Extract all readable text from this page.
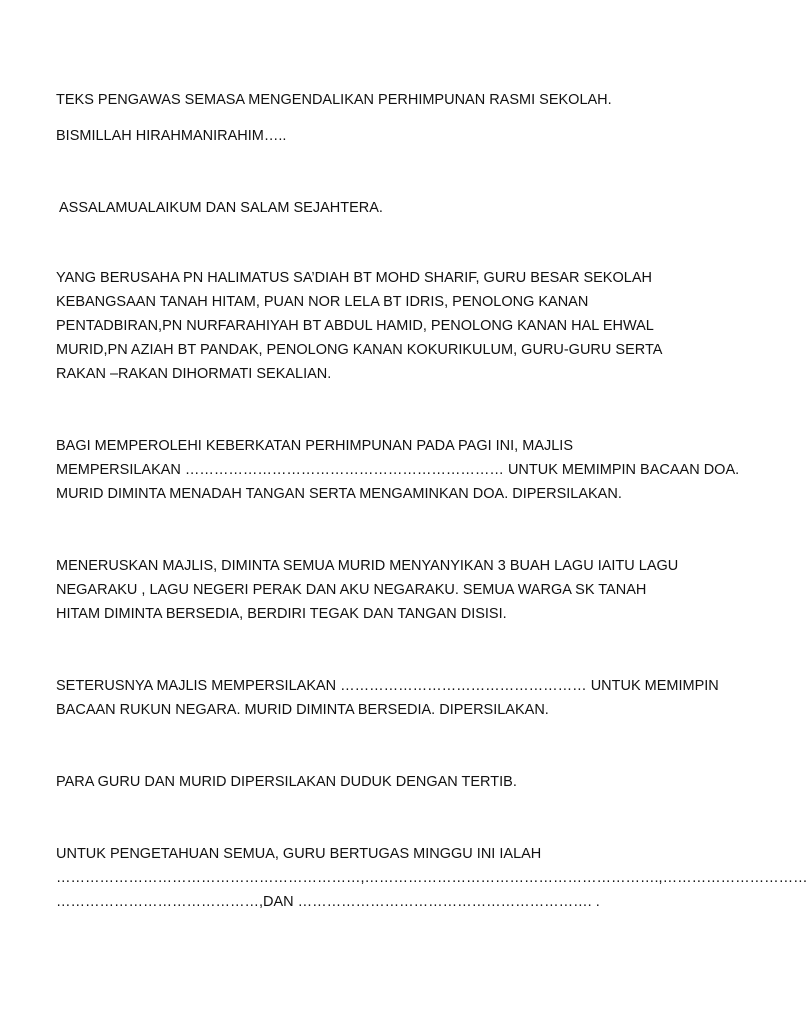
TEKS PENGAWAS SEMASA MENGENDALIKAN PERHIMPUNAN RASMI SEKOLAH.

BISMILLAH HIRAHMANIRAHIM…..

ASSALAMUALAIKUM DAN SALAM SEJAHTERA.

YANG BERUSAHA PN HALIMATUS SA’DIAH BT MOHD SHARIF, GURU BESAR SEKOLAH
KEBANGSAAN TANAH HITAM, PUAN NOR LELA BT IDRIS, PENOLONG KANAN
PENTADBIRAN,PN NURFARAHIYAH BT ABDUL HAMID, PENOLONG KANAN HAL EHWAL
MURID,PN AZIAH BT PANDAK, PENOLONG KANAN KOKURIKULUM, GURU-GURU SERTA
RAKAN –RAKAN DIHORMATI SEKALIAN.

BAGI MEMPEROLEHI KEBERKATAN PERHIMPUNAN PADA PAGI INI, MAJLIS
MEMPERSILAKAN ………………………………………………………… UNTUK MEMIMPIN BACAAN DOA.
MURID DIMINTA MENADAH TANGAN SERTA MENGAMINKAN DOA. DIPERSILAKAN.

MENERUSKAN MAJLIS, DIMINTA SEMUA MURID MENYANYIKAN 3 BUAH LAGU IAITU LAGU
NEGARAKU , LAGU NEGERI PERAK DAN AKU NEGARAKU. SEMUA WARGA SK TANAH
HITAM DIMINTA BERSEDIA, BERDIRI TEGAK DAN TANGAN DISISI.

SETERUSNYA MAJLIS MEMPERSILAKAN …………………………………………… UNTUK MEMIMPIN
BACAAN RUKUN NEGARA. MURID DIMINTA BERSEDIA. DIPERSILAKAN.

PARA GURU DAN MURID DIPERSILAKAN DUDUK DENGAN TERTIB.

UNTUK PENGETAHUAN SEMUA, GURU BERTUGAS MINGGU INI IALAH
………………………………………………………,…………………………………………………….,…………………………
……………………………………,DAN ……………………………………………………. .
